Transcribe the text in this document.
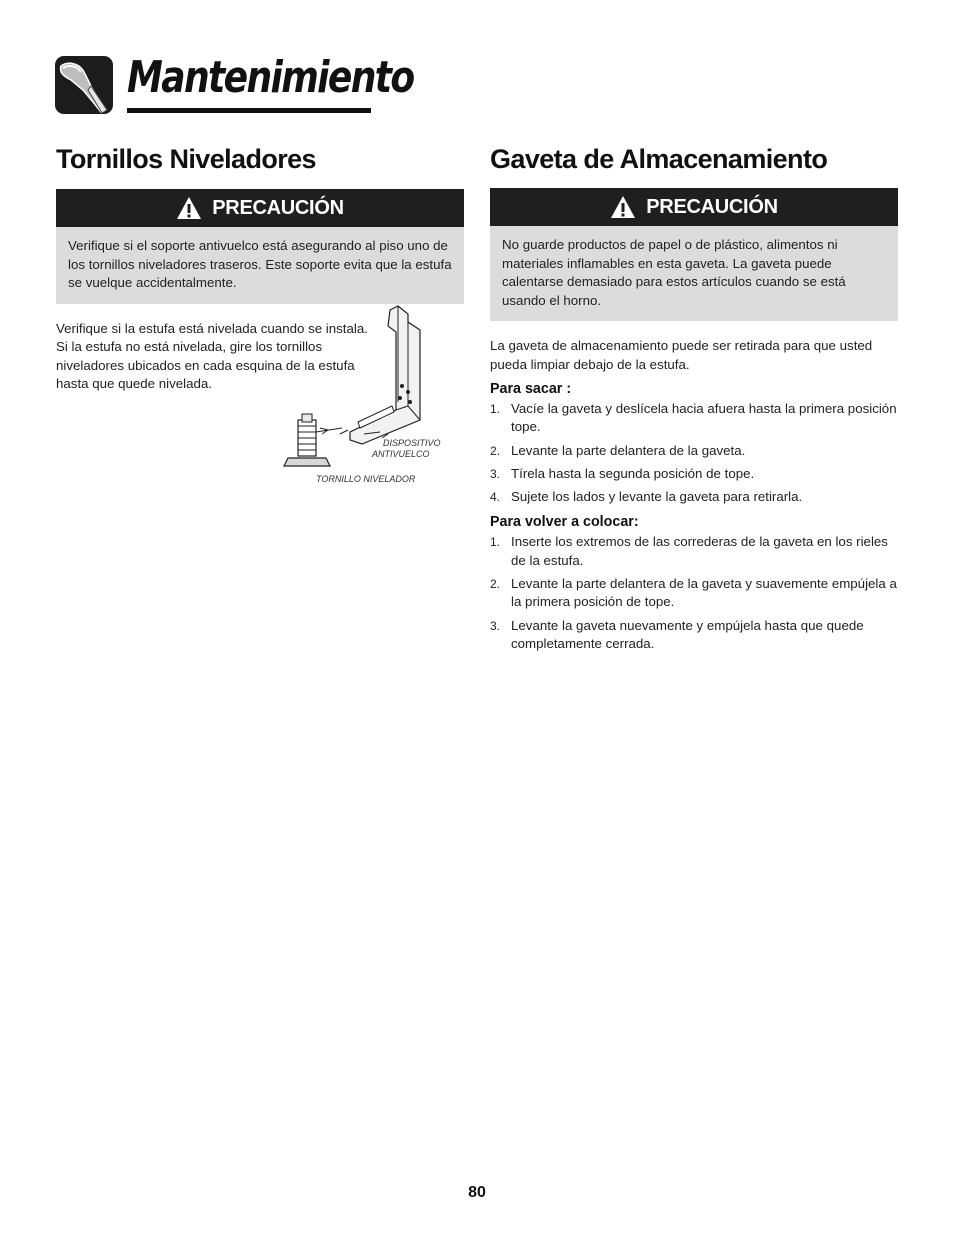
Mantenimiento
Tornillos Niveladores
PRECAUCIÓN
Verifique si el soporte antivuelco está asegurando al piso uno de los tornillos niveladores traseros. Este soporte evita que la estufa se vuelque accidentalmente.
Verifique si la estufa está nivelada cuando se instala. Si la estufa no está nivelada, gire los tornillos niveladores ubicados en cada esquina de la estufa hasta que quede nivelada.
DISPOSITIVO
ANTIVUELCO
TORNILLO NIVELADOR
Gaveta de Almacenamiento
PRECAUCIÓN
No guarde productos de papel o de plástico, alimentos ni materiales inflamables en esta gaveta. La gaveta puede calentarse demasiado para estos artículos cuando se está usando el horno.
La gaveta de almacenamiento puede ser retirada para que usted pueda limpiar debajo de la estufa.
Para sacar :
1. Vacíe la gaveta y deslícela hacia afuera hasta la primera posición tope.
2. Levante la parte delantera de la gaveta.
3. Tírela hasta la segunda posición de tope.
4. Sujete los lados y levante la gaveta para retirarla.
Para volver a colocar:
1. Inserte los extremos de las correderas de la gaveta en los rieles de la estufa.
2. Levante la parte delantera de la gaveta y suavemente empújela a la primera posición de tope.
3. Levante la gaveta nuevamente y empújela hasta que quede completamente cerrada.
80
